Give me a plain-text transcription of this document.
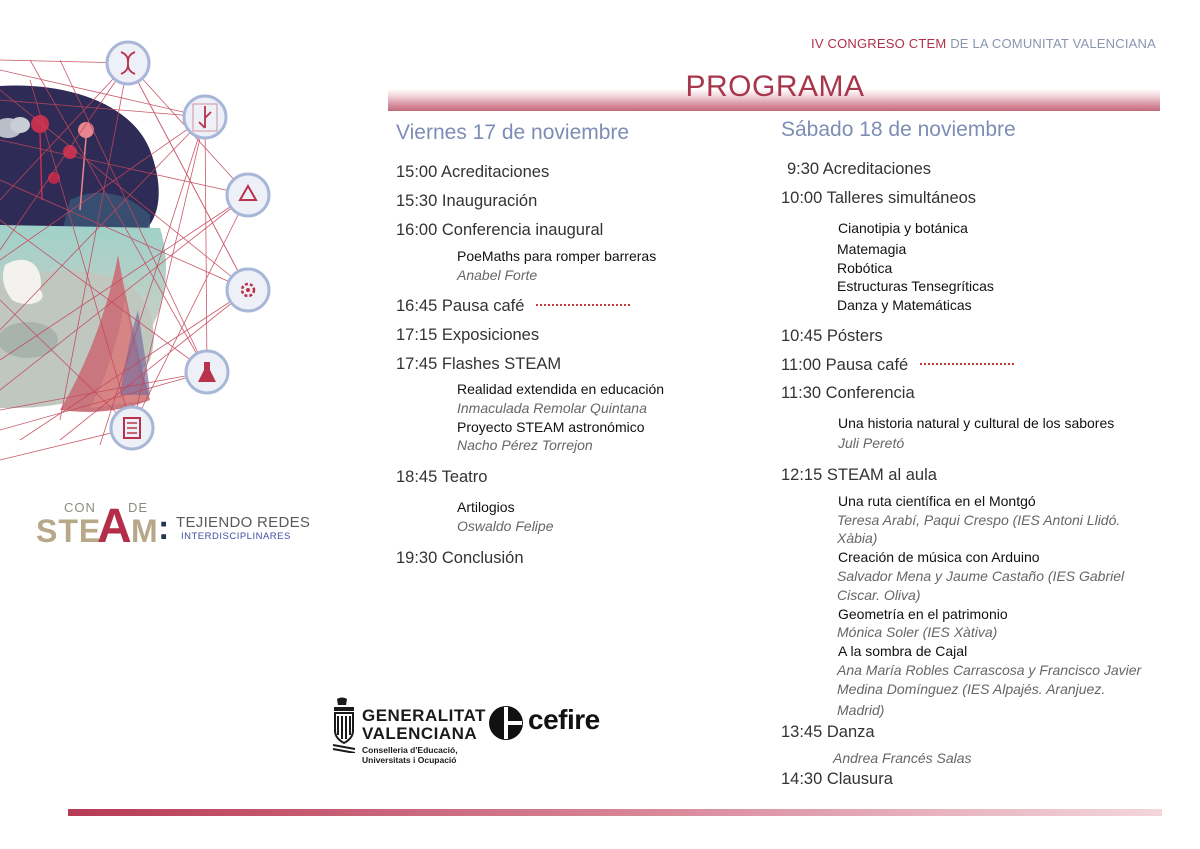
CON DE
STE
A M : TEJIENDO REDES
INTERDISCIPLINARES
IV CONGRESO CTEM DE LA COMUNITAT VALENCIANA
PROGRAMA
Viernes 17 de noviembre
15:00 Acreditaciones
15:30 Inauguración
16:00 Conferencia inaugural
PoeMaths para romper barreras
Anabel Forte
16:45 Pausa café
17:15 Exposiciones
17:45 Flashes STEAM
Realidad extendida en educación
Inmaculada Remolar Quintana
Proyecto STEAM astronómico
Nacho Pérez Torrejon
18:45 Teatro
Artilogios
Oswaldo Felipe
19:30 Conclusión
Sábado 18 de noviembre
9:30 Acreditaciones
10:00 Talleres simultáneos
Cianotipia y botánica
Matemagia
Robótica
Estructuras Tensegríticas
Danza y Matemáticas
10:45 Pósters
11:00 Pausa café
11:30 Conferencia
Una historia natural y cultural de los sabores
Juli Peretó
12:15 STEAM al aula
Una ruta científica en el Montgó
Teresa Arabí, Paqui Crespo (IES Antoni Llidó.
Xàbia)
Creación de música con Arduino
Salvador Mena y Jaume Castaño (IES Gabriel
Ciscar. Oliva)
Geometría en el patrimonio
Mónica Soler (IES Xàtiva)
A la sombra de Cajal
Ana María Robles Carrascosa y Francisco Javier
Medina Domínguez (IES Alpajés. Aranjuez.
Madrid)
13:45 Danza
Andrea Francés Salas
14:30 Clausura
GENERALITAT
VALENCIANA
Conselleria d'Educació,
Universitats i Ocupació
cefire
